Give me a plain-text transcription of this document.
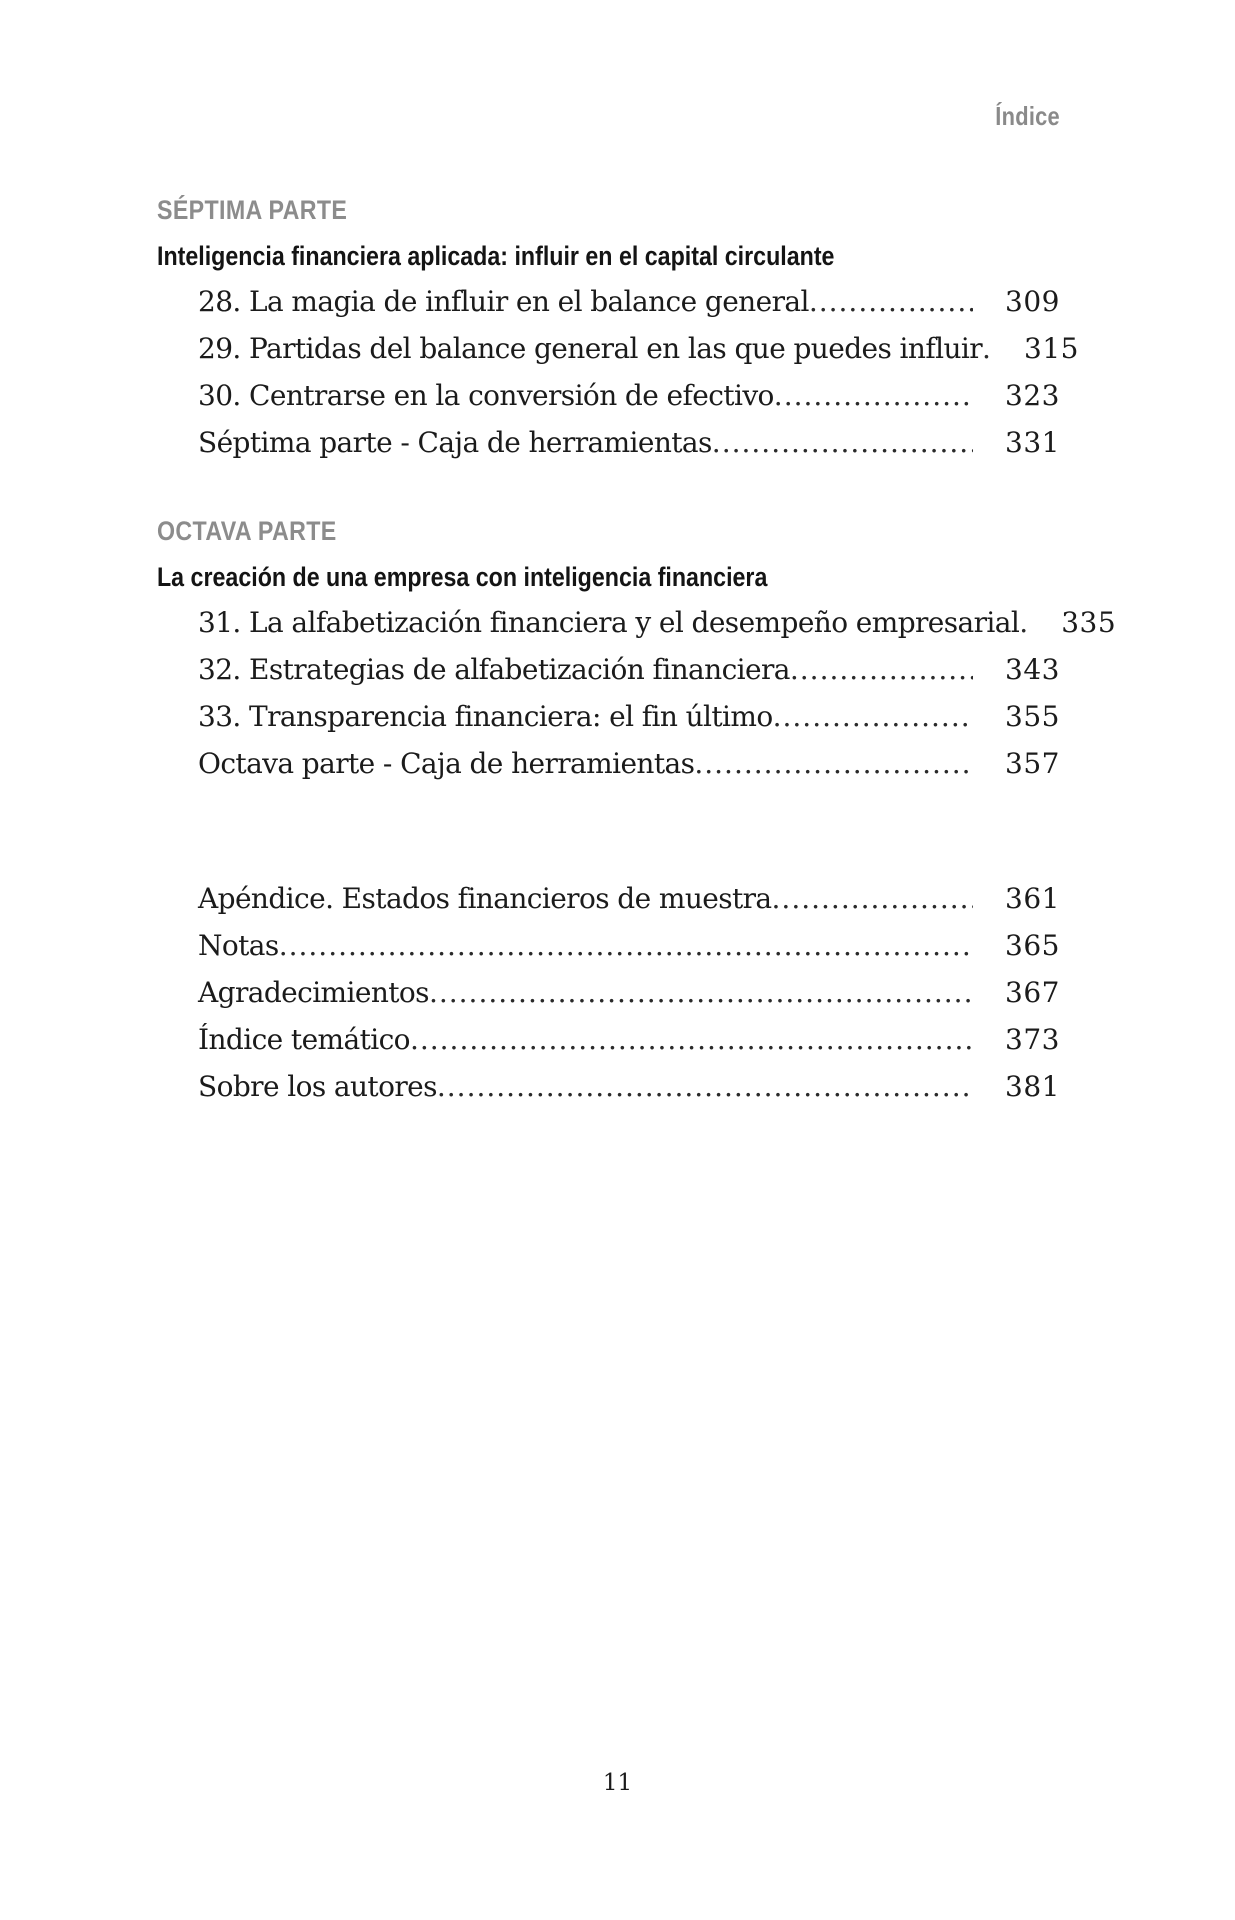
Índice
SÉPTIMA PARTE
Inteligencia financiera aplicada: influir en el capital circulante
28. La magia de influir en el balance general .....	309
29. Partidas del balance general en las que puedes influir ..... 315
30. Centrarse en la conversión de efectivo .....	323
Séptima parte - Caja de herramientas .....	331
OCTAVA PARTE
La creación de una empresa con inteligencia financiera
31. La alfabetización financiera y el desempeño empresarial ..... 335
32. Estrategias de alfabetización financiera .....	343
33. Transparencia financiera: el fin último .....	355
Octava parte - Caja de herramientas .....	357
Apéndice. Estados financieros de muestra .....	361
Notas .....	365
Agradecimientos .....	367
Índice temático .....	373
Sobre los autores .....	381
11
